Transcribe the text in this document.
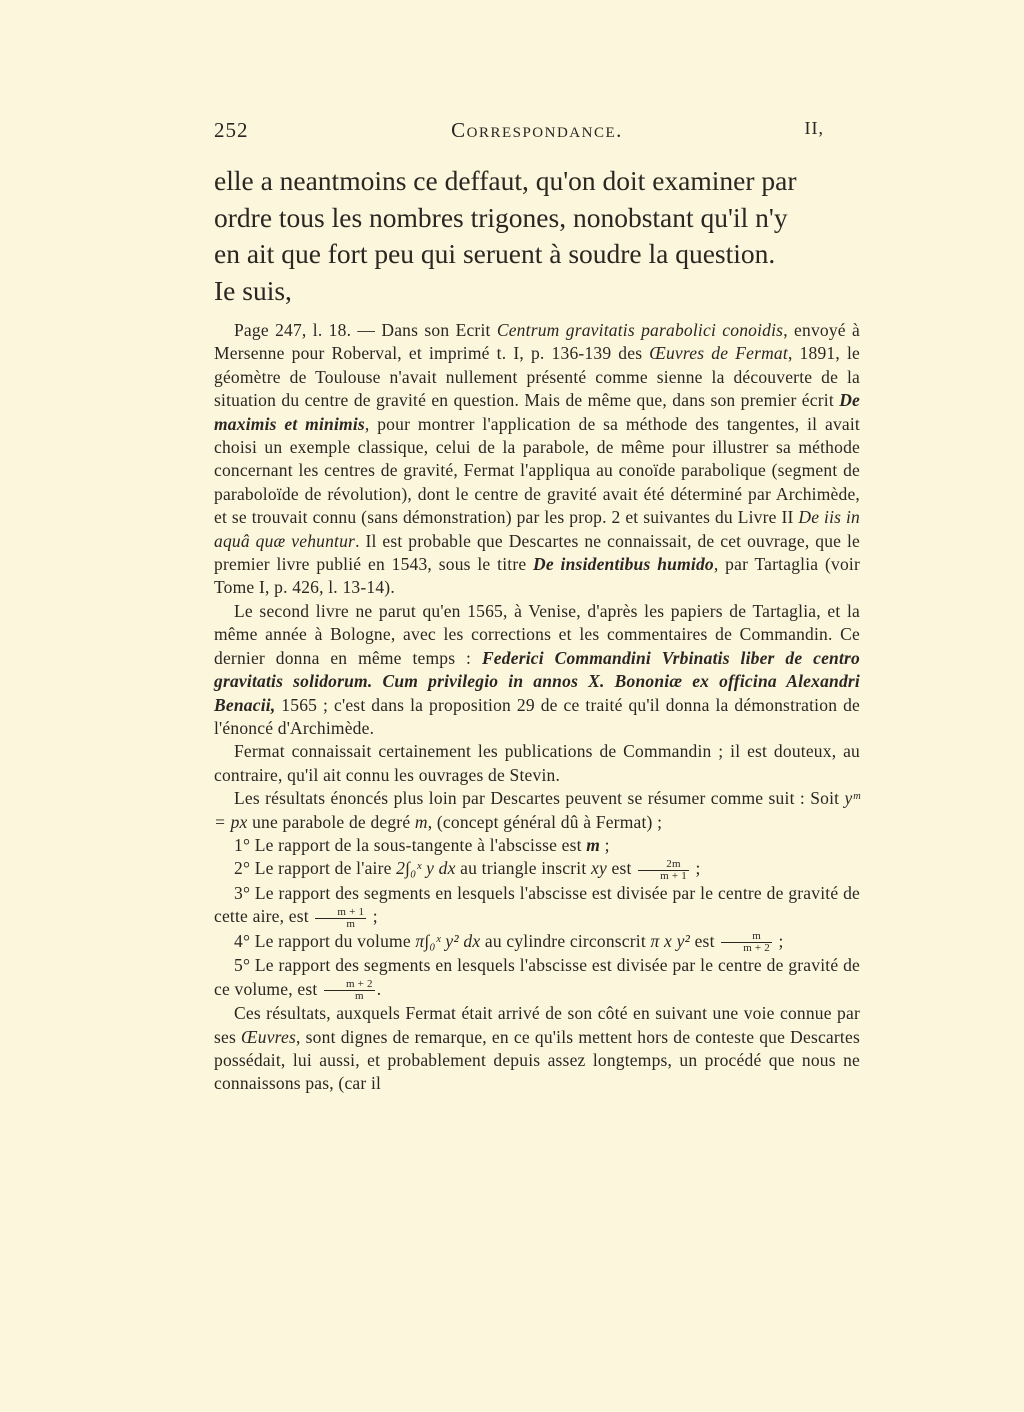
252	Correspondance.	II,

elle a neantmoins ce deffaut, qu'on doit examiner par

ordre tous les nombres trigones, nonobstant qu'il n'y

en ait que fort peu qui seruent à soudre la question.

Ie suis,

Page 247, l. 18. — Dans son Ecrit Centrum gravitatis parabolici conoidis, envoyé à Mersenne pour Roberval, et imprimé t. I, p. 136-139 des Œuvres de Fermat, 1891, le géomètre de Toulouse n'avait nullement présenté comme sienne la découverte de la situation du centre de gravité en question. Mais de même que, dans son premier écrit De maximis et minimis, pour montrer l'application de sa méthode des tangentes, il avait choisi un exemple classique, celui de la parabole, de même pour illustrer sa méthode concernant les centres de gravité, Fermat l'appliqua au conoïde parabolique (segment de paraboloïde de révolution), dont le centre de gravité avait été déterminé par Archimède, et se trouvait connu (sans démonstration) par les prop. 2 et suivantes du Livre II De iis in aquâ quæ vehuntur. Il est probable que Descartes ne connaissait, de cet ouvrage, que le premier livre publié en 1543, sous le titre De insidentibus humido, par Tartaglia (voir Tome I, p. 426, l. 13-14).

Le second livre ne parut qu'en 1565, à Venise, d'après les papiers de Tartaglia, et la même année à Bologne, avec les corrections et les commentaires de Commandin. Ce dernier donna en même temps : Federici Commandini Vrbinatis liber de centro gravitatis solidorum. Cum privilegio in annos X. Bononiæ ex officina Alexandri Benacii, 1565 ; c'est dans la proposition 29 de ce traité qu'il donna la démonstration de l'énoncé d'Archimède.

Fermat connaissait certainement les publications de Commandin ; il est douteux, au contraire, qu'il ait connu les ouvrages de Stevin.

Les résultats énoncés plus loin par Descartes peuvent se résumer comme suit : Soit yᵐ = px une parabole de degré m, (concept général dû à Fermat) ;

1° Le rapport de la sous-tangente à l'abscisse est m ;

2° Le rapport de l'aire 2∫₀ˣ y dx au triangle inscrit xy est $\frac{2m}{m + 1}$ ;

3° Le rapport des segments en lesquels l'abscisse est divisée par le centre de gravité de cette aire, est $\frac{m + 1}{m}$ ;

4° Le rapport du volume π∫₀ˣ y² dx au cylindre circonscrit π x y² est $\frac{m}{m + 2}$ ;

5° Le rapport des segments en lesquels l'abscisse est divisée par le centre de gravité de ce volume, est $\frac{m + 2}{m}$ .

Ces résultats, auxquels Fermat était arrivé de son côté en suivant une voie connue par ses Œuvres, sont dignes de remarque, en ce qu'ils mettent hors de conteste que Descartes possédait, lui aussi, et probablement depuis assez longtemps, un procédé que nous ne connaissons pas, (car il
